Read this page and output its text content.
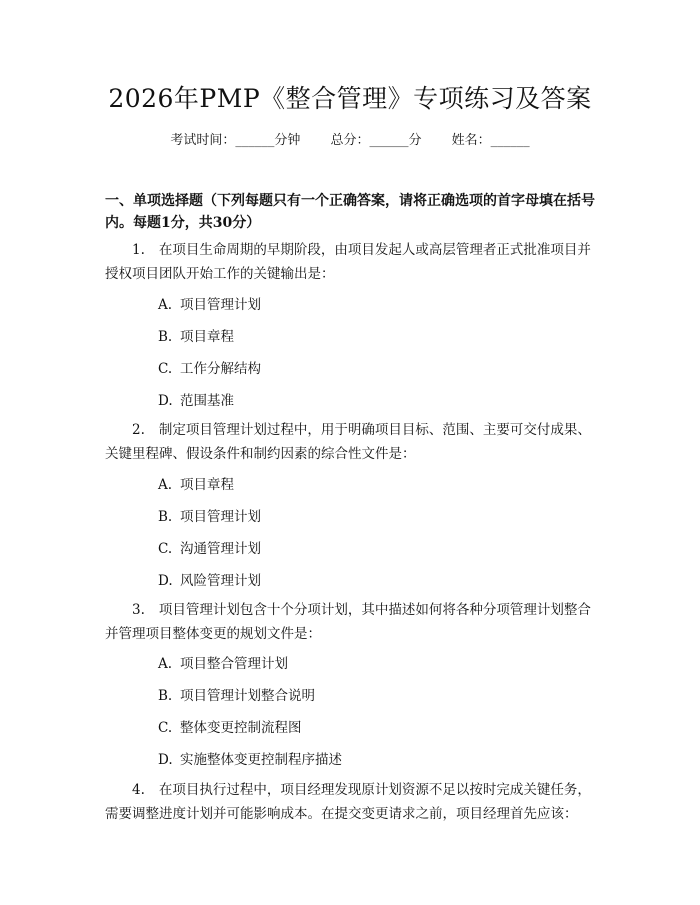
2026年PMP《整合管理》专项练习及答案
考试时间：______分钟 总分：______分 姓名：______
一、单项选择题（下列每题只有一个正确答案，请将正确选项的首字母填在括号内。每题1分，共30分）
1. 在项目生命周期的早期阶段，由项目发起人或高层管理者正式批准项目并授权项目团队开始工作的关键输出是：
A. 项目管理计划
B. 项目章程
C. 工作分解结构
D. 范围基准
2. 制定项目管理计划过程中，用于明确项目目标、范围、主要可交付成果、关键里程碑、假设条件和制约因素的综合性文件是：
A. 项目章程
B. 项目管理计划
C. 沟通管理计划
D. 风险管理计划
3. 项目管理计划包含十个分项计划，其中描述如何将各种分项管理计划整合并管理项目整体变更的规划文件是：
A. 项目整合管理计划
B. 项目管理计划整合说明
C. 整体变更控制流程图
D. 实施整体变更控制程序描述
4. 在项目执行过程中，项目经理发现原计划资源不足以按时完成关键任务，需要调整进度计划并可能影响成本。在提交变更请求之前，项目经理首先应该：
